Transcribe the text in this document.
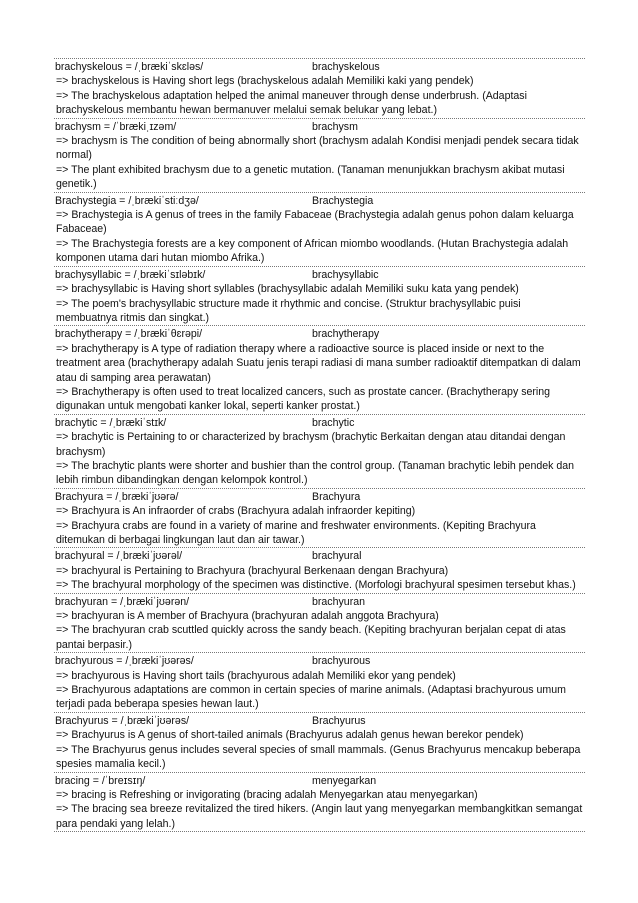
brachyskelous = /ˌbrækiˈskɛləs/	brachyskelous
=> brachyskelous is Having short legs (brachyskelous adalah Memiliki kaki yang pendek)
=> The brachyskelous adaptation helped the animal maneuver through dense underbrush. (Adaptasi brachyskelous membantu hewan bermanuver melalui semak belukar yang lebat.)
brachysm = /ˈbrækiˌɪzəm/	brachysm
=> brachysm is The condition of being abnormally short (brachysm adalah Kondisi menjadi pendek secara tidak normal)
=> The plant exhibited brachysm due to a genetic mutation. (Tanaman menunjukkan brachysm akibat mutasi genetik.)
Brachystegia = /ˌbrækiˈstiːdʒə/	Brachystegia
=> Brachystegia is A genus of trees in the family Fabaceae (Brachystegia adalah genus pohon dalam keluarga Fabaceae)
=> The Brachystegia forests are a key component of African miombo woodlands. (Hutan Brachystegia adalah komponen utama dari hutan miombo Afrika.)
brachysyllabic = /ˌbrækiˈsɪləbɪk/	brachysyllabic
=> brachysyllabic is Having short syllables (brachysyllabic adalah Memiliki suku kata yang pendek)
=> The poem's brachysyllabic structure made it rhythmic and concise. (Struktur brachysyllabic puisi membuatnya ritmis dan singkat.)
brachytherapy = /ˌbrækiˈθɛrəpi/	brachytherapy
=> brachytherapy is A type of radiation therapy where a radioactive source is placed inside or next to the treatment area (brachytherapy adalah Suatu jenis terapi radiasi di mana sumber radioaktif ditempatkan di dalam atau di samping area perawatan)
=> Brachytherapy is often used to treat localized cancers, such as prostate cancer. (Brachytherapy sering digunakan untuk mengobati kanker lokal, seperti kanker prostat.)
brachytic = /ˌbrækiˈstɪk/	brachytic
=> brachytic is Pertaining to or characterized by brachysm (brachytic Berkaitan dengan atau ditandai dengan brachysm)
=> The brachytic plants were shorter and bushier than the control group. (Tanaman brachytic lebih pendek dan lebih rimbun dibandingkan dengan kelompok kontrol.)
Brachyura = /ˌbrækiˈjʊərə/	Brachyura
=> Brachyura is An infraorder of crabs (Brachyura adalah infraorder kepiting)
=> Brachyura crabs are found in a variety of marine and freshwater environments. (Kepiting Brachyura ditemukan di berbagai lingkungan laut dan air tawar.)
brachyural = /ˌbrækiˈjʊərəl/	brachyural
=> brachyural is Pertaining to Brachyura (brachyural Berkenaan dengan Brachyura)
=> The brachyural morphology of the specimen was distinctive. (Morfologi brachyural spesimen tersebut khas.)
brachyuran = /ˌbrækiˈjʊərən/	brachyuran
=> brachyuran is A member of Brachyura (brachyuran adalah anggota Brachyura)
=> The brachyuran crab scuttled quickly across the sandy beach. (Kepiting brachyuran berjalan cepat di atas pantai berpasir.)
brachyurous = /ˌbrækiˈjʊərəs/	brachyurous
=> brachyurous is Having short tails (brachyurous adalah Memiliki ekor yang pendek)
=> Brachyurous adaptations are common in certain species of marine animals. (Adaptasi brachyurous umum terjadi pada beberapa spesies hewan laut.)
Brachyurus = /ˌbrækiˈjʊərəs/	Brachyurus
=> Brachyurus is A genus of short-tailed animals (Brachyurus adalah genus hewan berekor pendek)
=> The Brachyurus genus includes several species of small mammals. (Genus Brachyurus mencakup beberapa spesies mamalia kecil.)
bracing = /ˈbreɪsɪŋ/	menyegarkan
=> bracing is Refreshing or invigorating (bracing adalah Menyegarkan atau menyegarkan)
=> The bracing sea breeze revitalized the tired hikers. (Angin laut yang menyegarkan membangkitkan semangat para pendaki yang lelah.)
